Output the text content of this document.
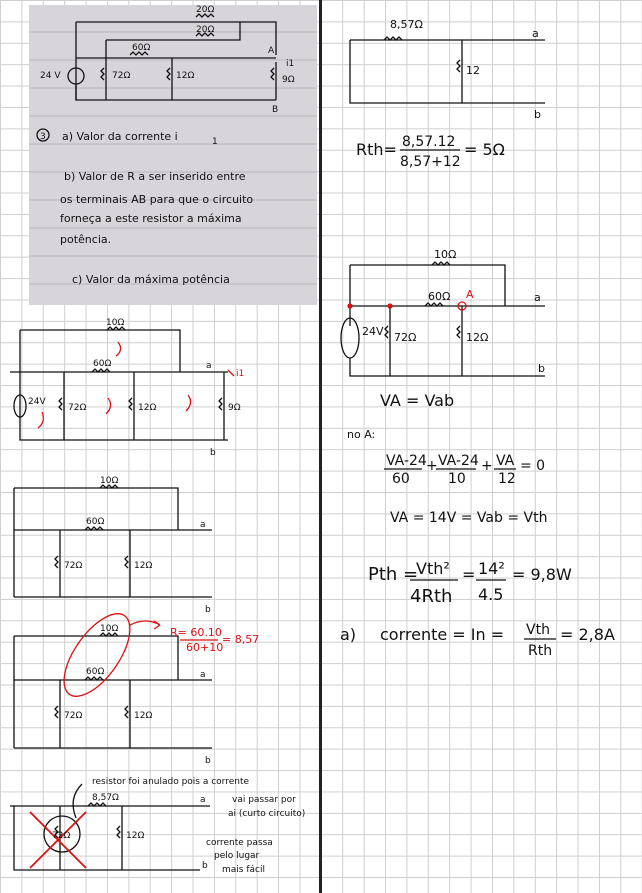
24 V
20Ω
20Ω
60Ω
72Ω	12Ω	9Ω
A
B
i1
3 a) Valor da corrente i	1
b) Valor de R a ser inserido entre
os terminais AB para que o circuito
forneça a este resistor a máxima
potência.
c) Valor da máxima potência
10Ω
60Ω
24V
72Ω	12Ω	9Ω
a
b
i1
10Ω
60Ω
72Ω	12Ω
a
b
10Ω
60Ω
R= 60.10
60+10
= 8,57
72Ω	12Ω
a
b
8,57Ω
72Ω	12Ω
a
b
resistor foi anulado pois a corrente
vai passar por
ai (curto circuito)
corrente passa
pelo lugar
mais fácil
8,57Ω
12
a
b
Rth= 8,57.12
8,57+12
= 5Ω
10Ω
60Ω A
24V 72Ω	12Ω
a
b
VA = Vab
no A:
VA-24
60
+ VA-24
10
+ VA
12
= 0
VA = 14V = Vab = Vth
Pth =
Vth²
4Rth
= 14²
4.5
= 9,8W
a) corrente = In = Vth
Rth
= 2,8A
